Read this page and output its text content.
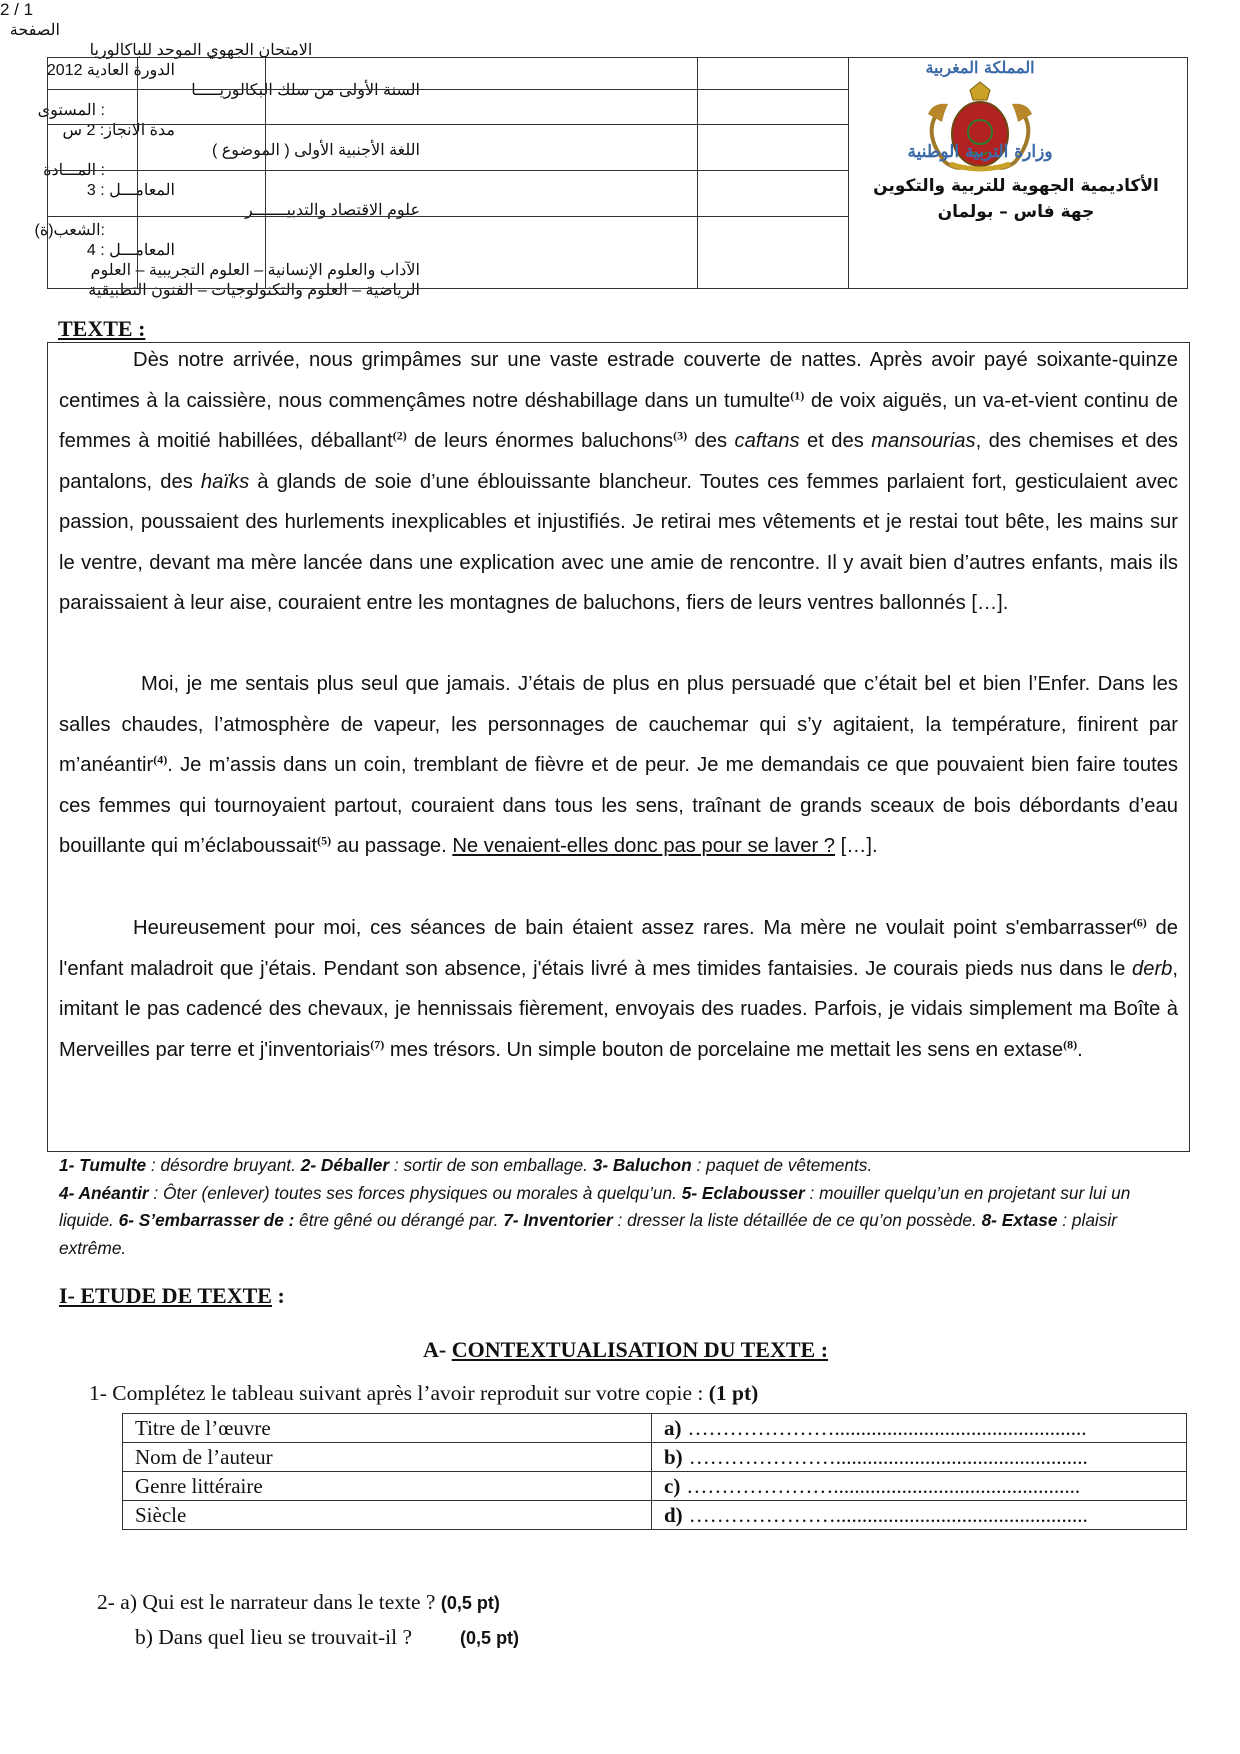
2 / 1
الصفحة
الامتحان الجهوي الموحد للباكالوريا
الدورة العادية 2012
السنة الأولى من سلك البكالوريـــــا
المستوى :
مدة الانجاز: 2 س
اللغة الأجنبية الأولى ( الموضوع )
المـــادة :
المعامـــل : 3
علوم الاقتصاد والتدبيـــــــر
الشعب(ة):
المعامـــل : 4
الآداب والعلوم الإنسانية – العلوم التجريبية – العلوم
الرياضية – العلوم والتكنولوجيات – الفنون التطبيقية
المملكة المغربية
وزارة التربية الوطنية
الأكاديمية الجهوية للتربية والتكوين
جهة فاس – بولمان
TEXTE :
Dès notre arrivée, nous grimpâmes sur une vaste estrade couverte de nattes. Après avoir payé soixante-quinze centimes à la caissière, nous commençâmes notre déshabillage dans un tumulte$^{(1)}$ de voix aiguës, un va-et-vient continu de femmes à moitié habillées, déballant$^{(2)}$ de leurs énormes baluchons$^{(3)}$ des caftans et des mansourias, des chemises et des pantalons, des haïks à glands de soie d’une éblouissante blancheur. Toutes ces femmes parlaient fort, gesticulaient avec passion, poussaient des hurlements inexplicables et injustifiés. Je retirai mes vêtements et je restai tout bête, les mains sur le ventre, devant ma mère lancée dans une explication avec une amie de rencontre. Il y avait bien d’autres enfants, mais ils paraissaient à leur aise, couraient entre les montagnes de baluchons, fiers de leurs ventres ballonnés […].
Moi, je me sentais plus seul que jamais. J’étais de plus en plus persuadé que c’était bel et bien l’Enfer. Dans les salles chaudes, l’atmosphère de vapeur, les personnages de cauchemar qui s’y agitaient, la température, finirent par m’anéantir$^{(4)}$. Je m’assis dans un coin, tremblant de fièvre et de peur. Je me demandais ce que pouvaient bien faire toutes ces femmes qui tournoyaient partout, couraient dans tous les sens, traînant de grands sceaux de bois débordants d’eau bouillante qui m’éclaboussait$^{(5)}$ au passage. Ne venaient-elles donc pas pour se laver ? […].
Heureusement pour moi, ces séances de bain étaient assez rares. Ma mère ne voulait point s'embarrasser$^{(6)}$ de l'enfant maladroit que j'étais. Pendant son absence, j'étais livré à mes timides fantaisies. Je courais pieds nus dans le derb, imitant le pas cadencé des chevaux, je hennissais fièrement, envoyais des ruades. Parfois, je vidais simplement ma Boîte à Merveilles par terre et j'inventoriais$^{(7)}$ mes trésors. Un simple bouton de porcelaine me mettait les sens en extase$^{(8)}$.
1- Tumulte : désordre bruyant. 2- Déballer : sortir de son emballage. 3- Baluchon : paquet de vêtements.
4- Anéantir : Ôter (enlever) toutes ses forces physiques ou morales à quelqu’un. 5- Eclabousser : mouiller quelqu’un en projetant sur lui un liquide. 6- S’embarrasser de : être gêné ou dérangé par. 7- Inventorier : dresser la liste détaillée de ce qu’on possède. 8- Extase : plaisir extrême.
I- ETUDE DE TEXTE :
A- CONTEXTUALISATION DU TEXTE :
1- Complétez le tableau suivant après l’avoir reproduit sur votre copie : (1 pt)
Titre de l’œuvre	a) …………………................................................
Nom de l’auteur	b) …………………................................................
Genre littéraire	c) …………………...............................................
Siècle	d) …………………................................................
2- a) Qui est le narrateur dans le texte ? (0,5 pt)
b) Dans quel lieu se trouvait-il ?	(0,5 pt)
